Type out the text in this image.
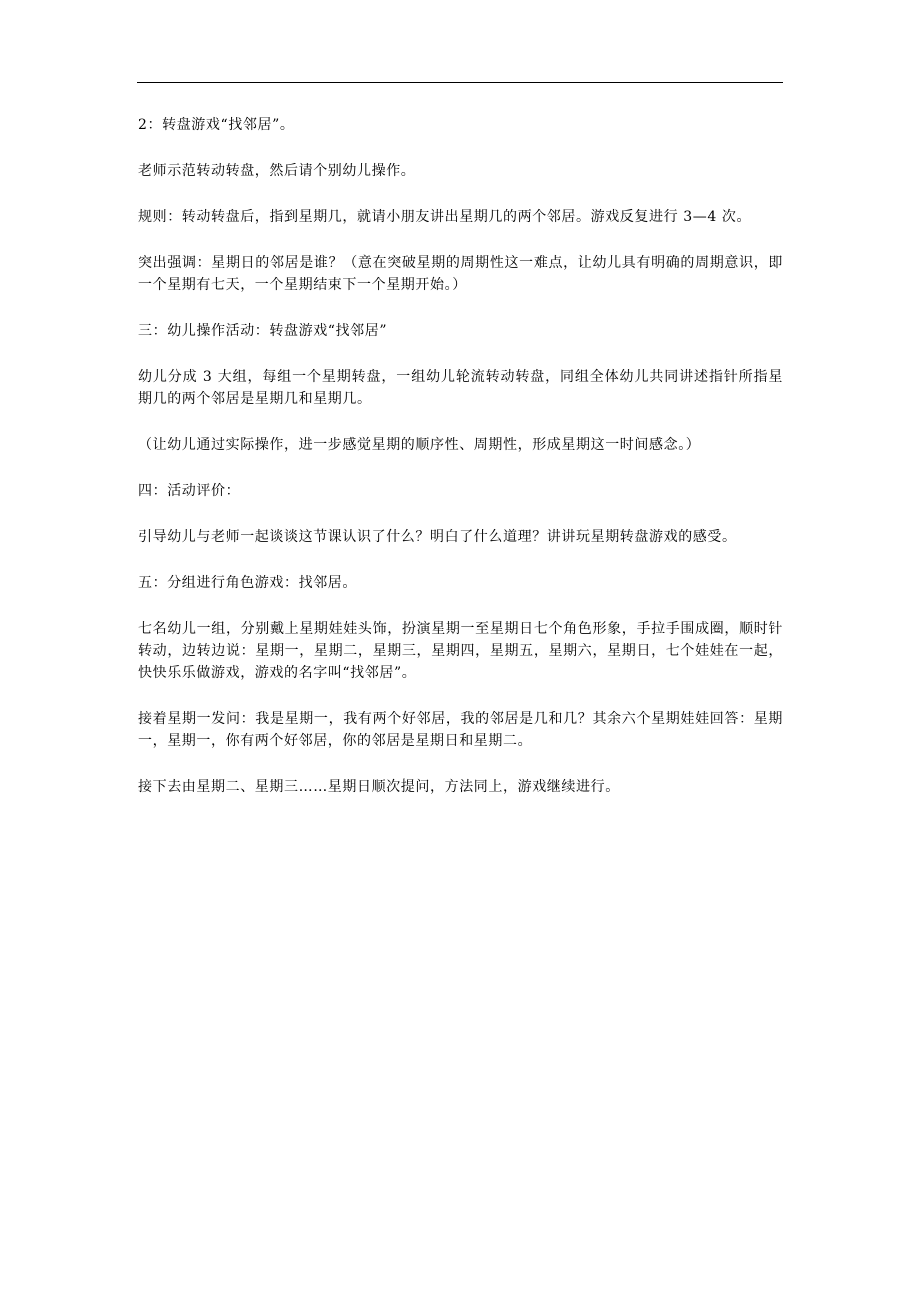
2：转盘游戏“找邻居”。

老师示范转动转盘，然后请个别幼儿操作。

规则：转动转盘后，指到星期几，就请小朋友讲出星期几的两个邻居。游戏反复进行 3—4 次。

突出强调：星期日的邻居是谁？（意在突破星期的周期性这一难点，让幼儿具有明确的周期意识，即一个星期有七天，一个星期结束下一个星期开始。）

三：幼儿操作活动：转盘游戏“找邻居”

幼儿分成 3 大组，每组一个星期转盘，一组幼儿轮流转动转盘，同组全体幼儿共同讲述指针所指星期几的两个邻居是星期几和星期几。

（让幼儿通过实际操作，进一步感觉星期的顺序性、周期性，形成星期这一时间感念。）

四：活动评价：

引导幼儿与老师一起谈谈这节课认识了什么？明白了什么道理？讲讲玩星期转盘游戏的感受。

五：分组进行角色游戏：找邻居。

七名幼儿一组，分别戴上星期娃娃头饰，扮演星期一至星期日七个角色形象，手拉手围成圈，顺时针转动，边转边说：星期一，星期二，星期三，星期四，星期五，星期六，星期日，七个娃娃在一起，快快乐乐做游戏，游戏的名字叫“找邻居”。

接着星期一发问：我是星期一，我有两个好邻居，我的邻居是几和几？其余六个星期娃娃回答：星期一，星期一，你有两个好邻居，你的邻居是星期日和星期二。

接下去由星期二、星期三……星期日顺次提问，方法同上，游戏继续进行。
